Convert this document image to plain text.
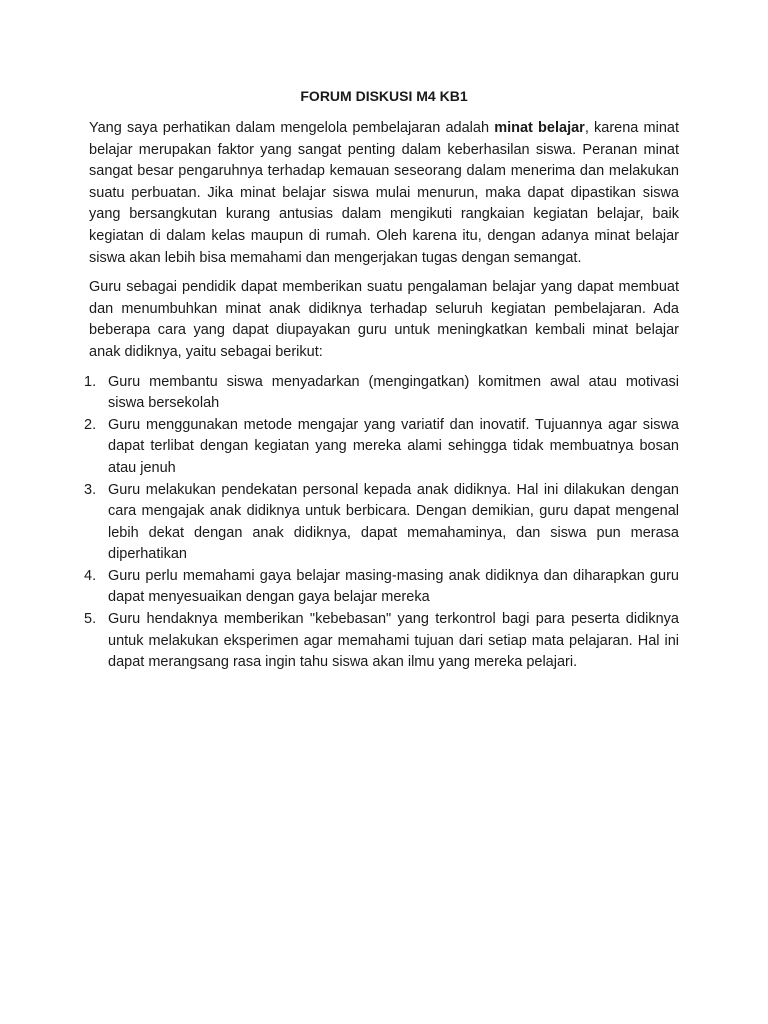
FORUM DISKUSI M4 KB1

Yang saya perhatikan dalam mengelola pembelajaran adalah minat belajar, karena minat belajar merupakan faktor yang sangat penting dalam keberhasilan siswa. Peranan minat sangat besar pengaruhnya terhadap kemauan seseorang dalam menerima dan melakukan suatu perbuatan. Jika minat belajar siswa mulai menurun, maka dapat dipastikan siswa yang bersangkutan kurang antusias dalam mengikuti rangkaian kegiatan belajar, baik kegiatan di dalam kelas maupun di rumah. Oleh karena itu, dengan adanya minat belajar siswa akan lebih bisa memahami dan mengerjakan tugas dengan semangat.

Guru sebagai pendidik dapat memberikan suatu pengalaman belajar yang dapat membuat dan menumbuhkan minat anak didiknya terhadap seluruh kegiatan pembelajaran. Ada beberapa cara yang dapat diupayakan guru untuk meningkatkan kembali minat belajar anak didiknya, yaitu sebagai berikut:

1. Guru membantu siswa menyadarkan (mengingatkan) komitmen awal atau motivasi siswa bersekolah
2. Guru menggunakan metode mengajar yang variatif dan inovatif. Tujuannya agar siswa dapat terlibat dengan kegiatan yang mereka alami sehingga tidak membuatnya bosan atau jenuh
3. Guru melakukan pendekatan personal kepada anak didiknya. Hal ini dilakukan dengan cara mengajak anak didiknya untuk berbicara. Dengan demikian, guru dapat mengenal lebih dekat dengan anak didiknya, dapat memahaminya, dan siswa pun merasa diperhatikan
4. Guru perlu memahami gaya belajar masing-masing anak didiknya dan diharapkan guru dapat menyesuaikan dengan gaya belajar mereka
5. Guru hendaknya memberikan "kebebasan" yang terkontrol bagi para peserta didiknya untuk melakukan eksperimen agar memahami tujuan dari setiap mata pelajaran. Hal ini dapat merangsang rasa ingin tahu siswa akan ilmu yang mereka pelajari.
